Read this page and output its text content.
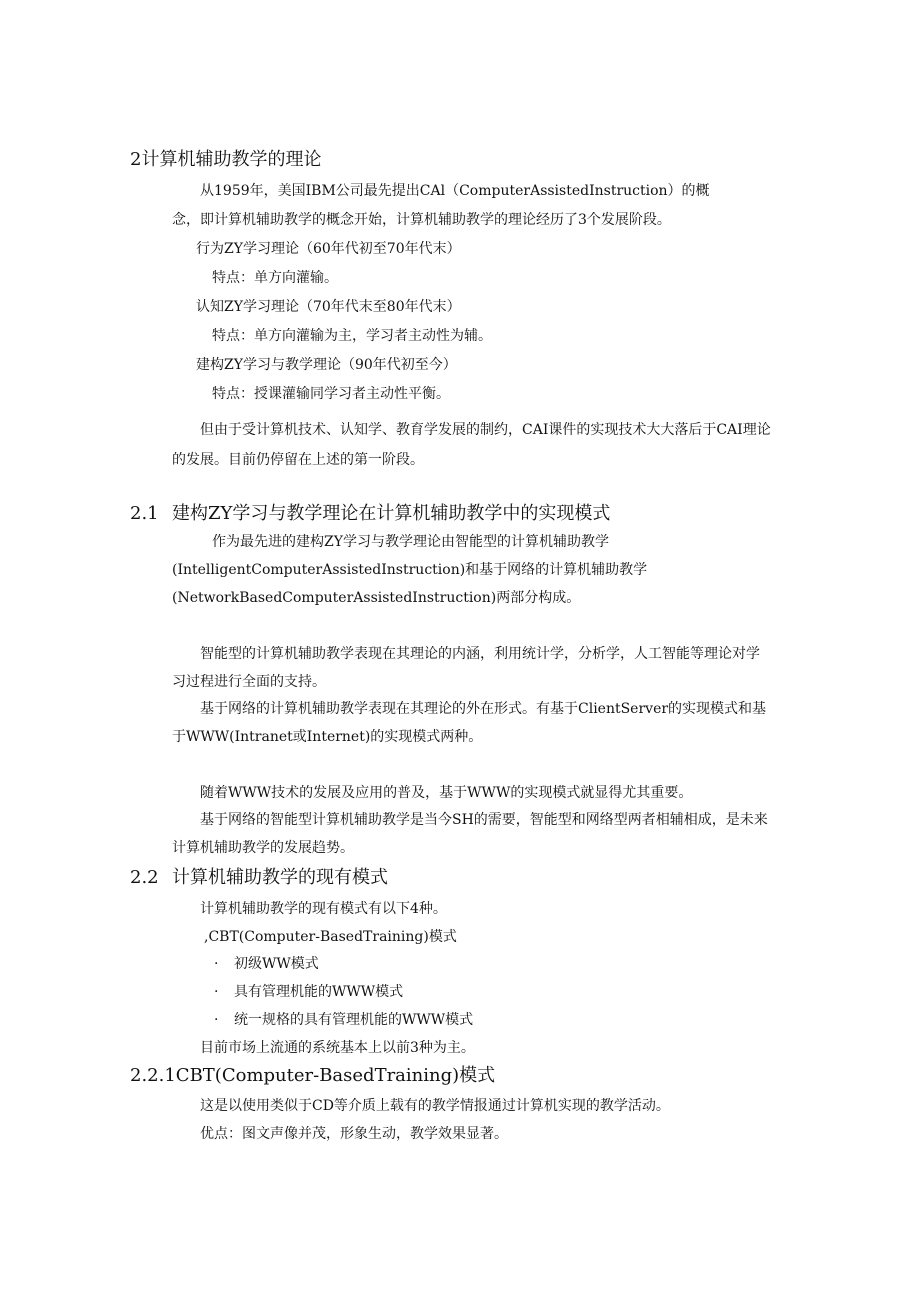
2计算机辅助教学的理论
从1959年，美国IBM公司最先提出CAl（ComputerAssistedInstruction）的概
念，即计算机辅助教学的概念开始，计算机辅助教学的理论经历了3个发展阶段。
行为ZY学习理论（60年代初至70年代末）
特点：单方向灌输。
认知ZY学习理论（70年代末至80年代末）
特点：单方向灌输为主，学习者主动性为辅。
建构ZY学习与教学理论（90年代初至今）
特点：授课灌输同学习者主动性平衡。
但由于受计算机技术、认知学、教育学发展的制约，CAI课件的实现技术大大落后于CAI理论
的发展。目前仍停留在上述的第一阶段。
2.1 建构ZY学习与教学理论在计算机辅助教学中的实现模式
作为最先进的建构ZY学习与教学理论由智能型的计算机辅助教学
(IntelligentComputerAssistedInstruction)和基于网络的计算机辅助教学
(NetworkBasedComputerAssistedInstruction)两部分构成。
智能型的计算机辅助教学表现在其理论的内涵，利用统计学，分析学，人工智能等理论对学
习过程进行全面的支持。
基于网络的计算机辅助教学表现在其理论的外在形式。有基于ClientServer的实现模式和基
于WWW(Intranet或Internet)的实现模式两种。
随着WWW技术的发展及应用的普及，基于WWW的实现模式就显得尤其重要。
基于网络的智能型计算机辅助教学是当今SH的需要，智能型和网络型两者相辅相成，是未来
计算机辅助教学的发展趋势。
2.2 计算机辅助教学的现有模式
计算机辅助教学的现有模式有以下4种。
,CBT(Computer-BasedTraining)模式
· 初级WW模式
· 具有管理机能的WWW模式
· 统一规格的具有管理机能的WWW模式
目前市场上流通的系统基本上以前3种为主。
2.2.1CBT(Computer-BasedTraining)模式
这是以使用类似于CD等介质上载有的教学情报通过计算机实现的教学活动。
优点：图文声像并茂，形象生动，教学效果显著。
